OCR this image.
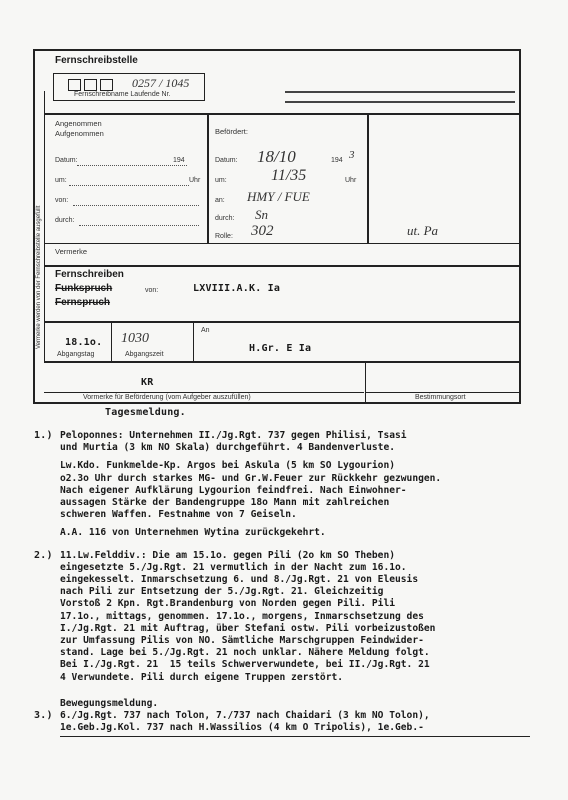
Fernschreibstelle
Vermerke werden von der Fernschreibstelle ausgefüllt
0257 / 1045
Fernschreibname Laufende Nr.
Angenommen
Aufgenommen
Datum:	194
um:	Uhr
von:
durch:
Befördert:
Datum: 18/10	194 3
um:	11/35	Uhr
an: HMY / FUE
durch: Sn
Rolle: 302	ut. Pa
Vermerke
Fernschreiben
Funkspruch
Fernspruch
von:	LXVIII.A.K. Ia
18.1o.
Abgangstag
1030
Abgangszeit
An
H.Gr. E Ia
KR
Vormerke für Beförderung (vom Aufgeber auszufüllen)	Bestimmungsort
Tagesmeldung.
1.) Peloponnes: Unternehmen II./Jg.Rgt. 737 gegen Philisi, Tsasi
und Murtia (3 km NO Skala) durchgeführt. 4 Bandenverluste.

Lw.Kdo. Funkmelde-Kp. Argos bei Askula (5 km SO Lygourion)
o2.3o Uhr durch starkes MG- und Gr.W.Feuer zur Rückkehr gezwungen.
Nach eigener Aufklärung Lygourion feindfrei. Nach Einwohner-
aussagen Stärke der Bandengruppe 18o Mann mit zahlreichen
schweren Waffen. Festnahme von 7 Geiseln.

A.A. 116 von Unternehmen Wytina zurückgekehrt.
2.) 11.Lw.Felddiv.: Die am 15.1o. gegen Pili (2o km SO Theben)
eingesetzte 5./Jg.Rgt. 21 vermutlich in der Nacht zum 16.1o.
eingekesselt. Inmarschsetzung 6. und 8./Jg.Rgt. 21 von Eleusis
nach Pili zur Entsetzung der 5./Jg.Rgt. 21. Gleichzeitig
Vorstoß 2 Kpn. Rgt.Brandenburg von Norden gegen Pili. Pili
17.1o., mittags, genommen. 17.1o., morgens, Inmarschsetzung des
I./Jg.Rgt. 21 mit Auftrag, über Stefani ostw. Pili vorbeizustoßen
zur Umfassung Pilis von NO. Sämtliche Marschgruppen Feindwider-
stand. Lage bei 5./Jg.Rgt. 21 noch unklar. Nähere Meldung folgt.
Bei I./Jg.Rgt. 21  15 teils Schwerverwundete, bei II./Jg.Rgt. 21
4 Verwundete. Pili durch eigene Truppen zerstört.
3.)
Bewegungsmeldung.
6./Jg.Rgt. 737 nach Tolon, 7./737 nach Chaidari (3 km NO Tolon),
1e.Geb.Jg.Kol. 737 nach H.Wassilios (4 km O Tripolis), 1e.Geb.-
